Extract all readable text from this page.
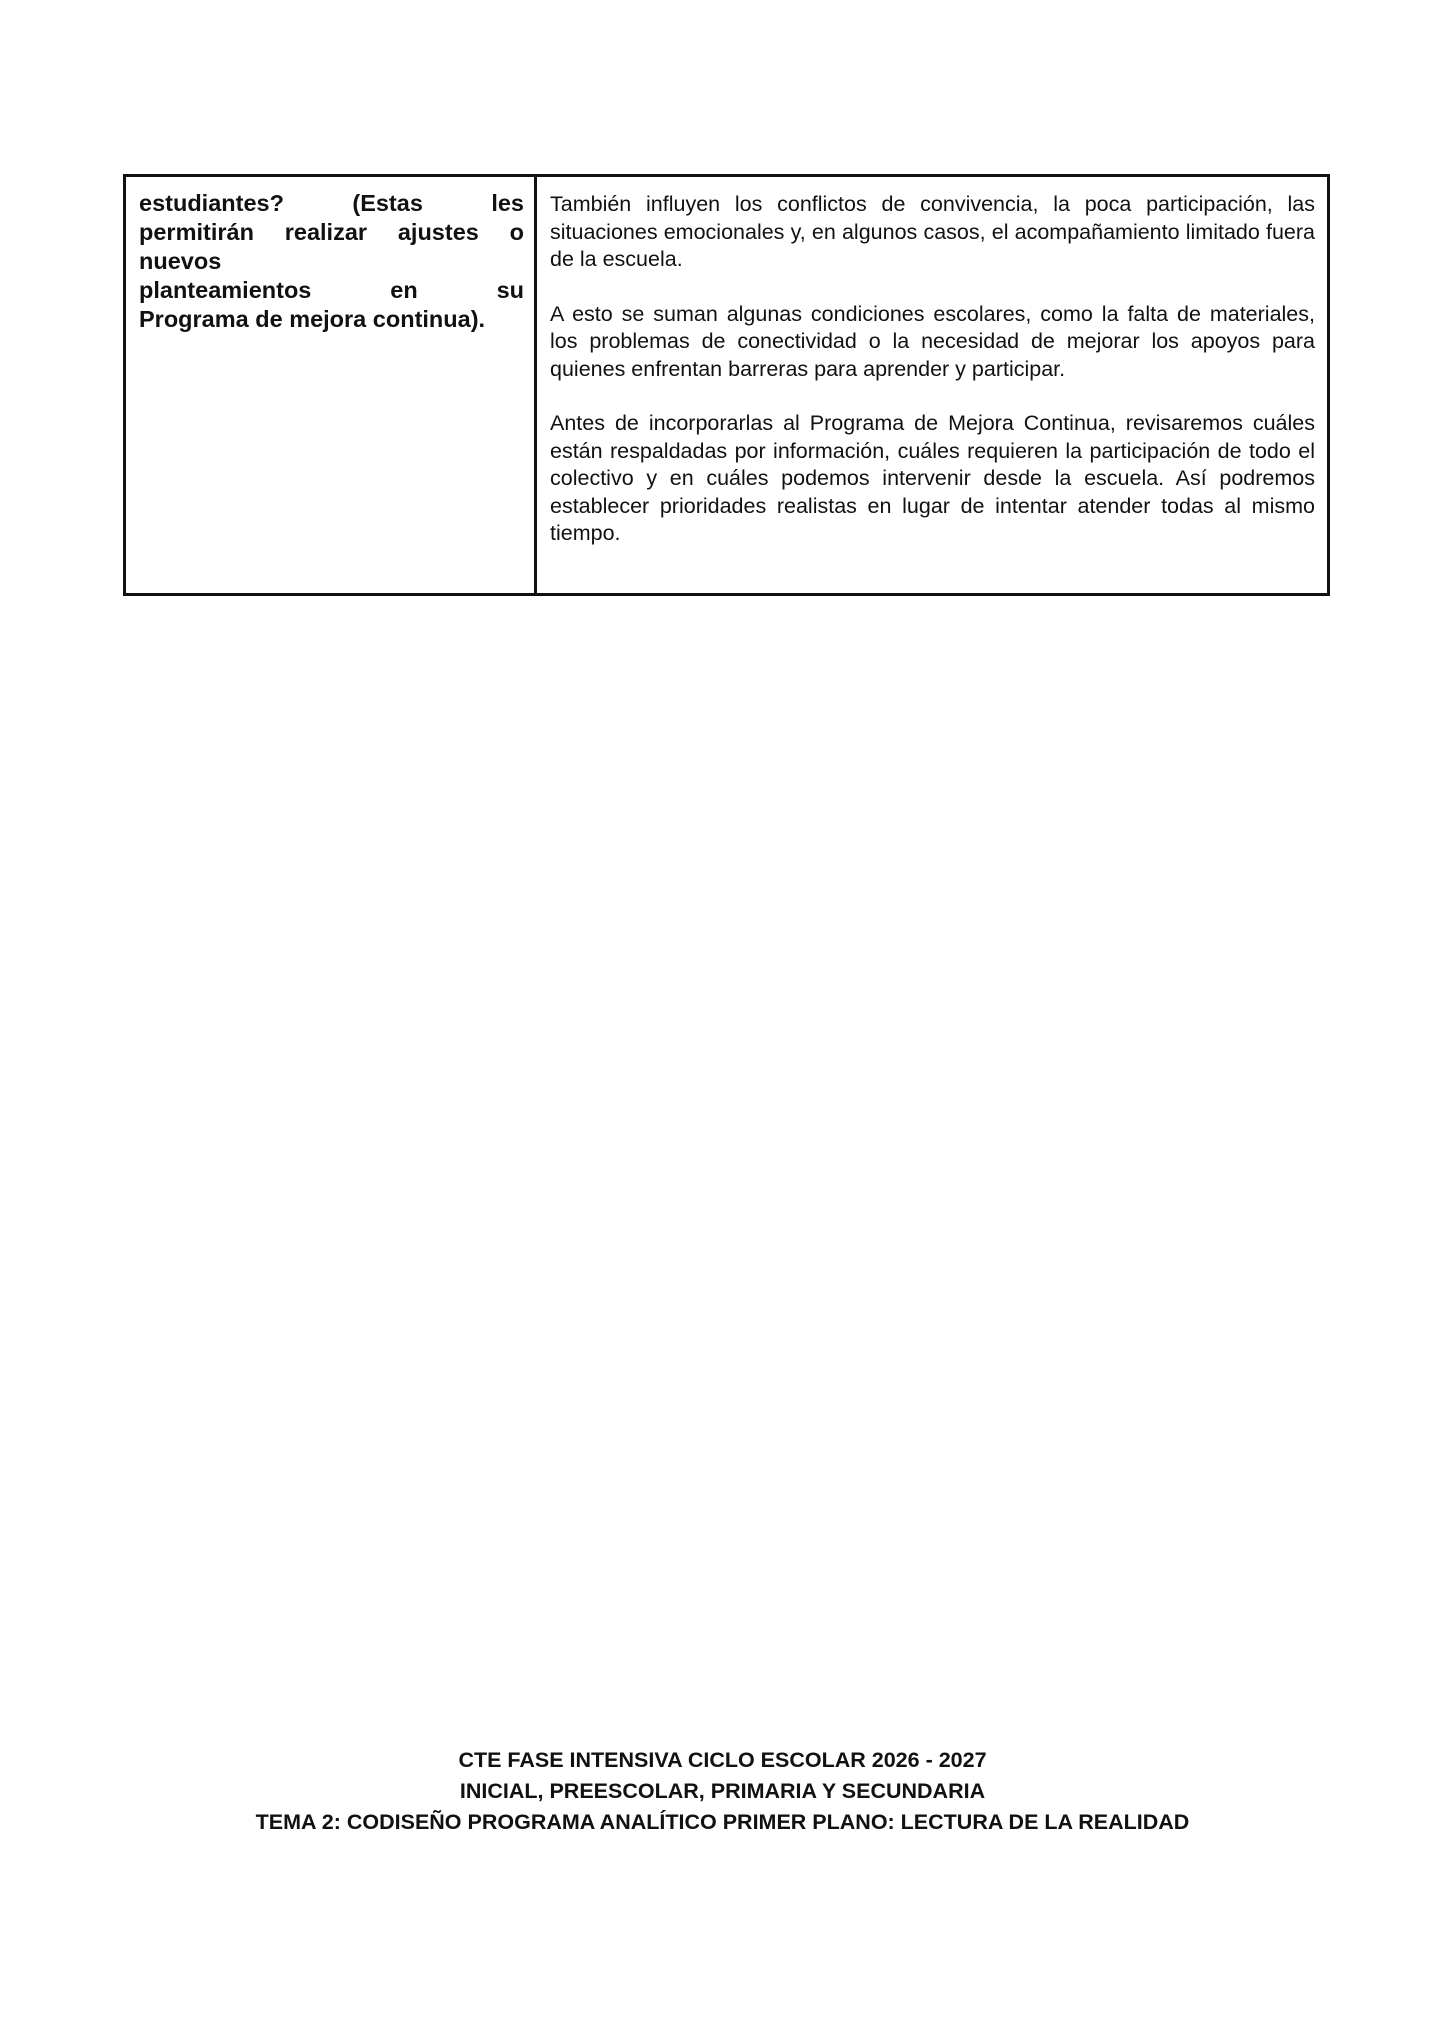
estudiantes? (Estas les
permitirán realizar ajustes o
nuevos
planteamientos en su
Programa de mejora continua).

También influyen los conflictos de convivencia, la poca participación, las situaciones emocionales y, en algunos casos, el acompañamiento limitado fuera de la escuela.

A esto se suman algunas condiciones escolares, como la falta de materiales, los problemas de conectividad o la necesidad de mejorar los apoyos para quienes enfrentan barreras para aprender y participar.

Antes de incorporarlas al Programa de Mejora Continua, revisaremos cuáles están respaldadas por información, cuáles requieren la participación de todo el colectivo y en cuáles podemos intervenir desde la escuela. Así podremos establecer prioridades realistas en lugar de intentar atender todas al mismo tiempo.

CTE FASE INTENSIVA CICLO ESCOLAR 2026 - 2027
INICIAL, PREESCOLAR, PRIMARIA Y SECUNDARIA
TEMA 2: CODISEÑO PROGRAMA ANALÍTICO PRIMER PLANO: LECTURA DE LA REALIDAD
